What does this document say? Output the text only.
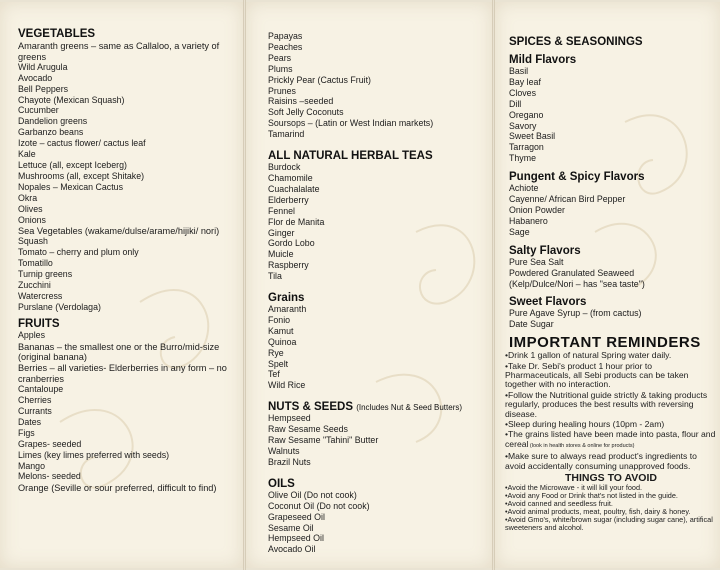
VEGETABLES

Amaranth greens – same as Callaloo, a variety of greens

Wild Arugula

Avocado

Bell Peppers

Chayote (Mexican Squash)

Cucumber

Dandelion greens

Garbanzo beans

Izote – cactus flower/ cactus leaf

Kale

Lettuce (all, except Iceberg)

Mushrooms (all, except Shitake)

Nopales – Mexican Cactus

Okra

Olives

Onions

Sea Vegetables (wakame/dulse/arame/hijiki/ nori)

Squash

Tomato – cherry and plum only

Tomatillo

Turnip greens

Zucchini

Watercress

Purslane (Verdolaga)

FRUITS

Apples

Bananas – the smallest one or the Burro/mid-size (original banana)

Berries – all varieties- Elderberries in any form – no cranberries

Cantaloupe

Cherries

Currants

Dates

Figs

Grapes- seeded

Limes (key limes preferred with seeds)

Mango

Melons- seeded

Orange (Seville or sour preferred, difficult to find)

Papayas

Peaches

Pears

Plums

Prickly Pear (Cactus Fruit)

Prunes

Raisins –seeded

Soft Jelly Coconuts

Soursops – (Latin or West Indian markets)

Tamarind

ALL NATURAL HERBAL TEAS

Burdock

Chamomile

Cuachalalate

Elderberry

Fennel

Flor de Manita

Ginger

Gordo Lobo

Muicle

Raspberry

Tila

Grains

Amaranth

Fonio

Kamut

Quinoa

Rye

Spelt

Tef

Wild Rice

NUTS & SEEDS (Includes Nut & Seed Butters)

Hempseed

Raw Sesame Seeds

Raw Sesame "Tahini" Butter

Walnuts

Brazil Nuts

OILS

Olive Oil (Do not cook)

Coconut Oil (Do not cook)

Grapeseed Oil

Sesame Oil

Hempseed Oil

Avocado Oil

SPICES & SEASONINGS

Mild Flavors

Basil

Bay leaf

Cloves

Dill

Oregano

Savory

Sweet Basil

Tarragon

Thyme

Pungent & Spicy Flavors

Achiote

Cayenne/ African Bird Pepper

Onion Powder

Habanero

Sage

Salty Flavors

Pure Sea Salt

Powdered Granulated Seaweed

(Kelp/Dulce/Nori – has "sea taste")

Sweet Flavors

Pure Agave Syrup – (from cactus)

Date Sugar

IMPORTANT REMINDERS

•Drink 1 gallon of natural Spring water daily.

•Take Dr. Sebi's product 1 hour prior to Pharmaceuticals, all Sebi products can be taken together with no interaction.

•Follow the Nutritional guide strictly & taking products regularly, produces the best results with reversing disease.

•Sleep during healing hours (10pm - 2am)

•The grains listed have been made into pasta, flour and cereal (look in health stores & online for products)

•Make sure to always read product's ingredients to avoid accidentally consuming unapproved foods.

THINGS TO AVOID

•Avoid the Microwave - it will kill your food.

•Avoid any Food or Drink that's not listed in the guide.

•Avoid canned and seedless fruit.

•Avoid animal products, meat, poultry, fish, dairy & honey.

•Avoid Gmo's, white/brown sugar (including sugar cane), artifical sweeteners and alcohol.
